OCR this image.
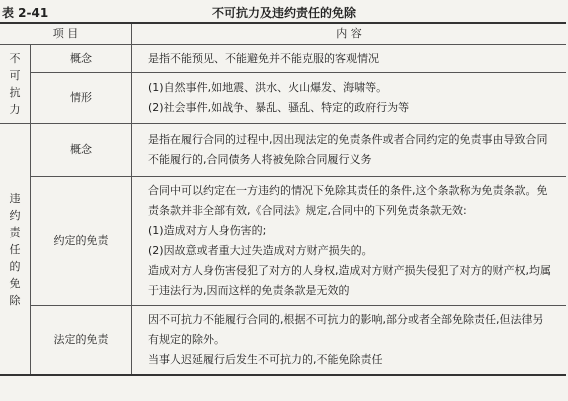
表 2-41	不可抗力及违约责任的免除
项 目		内 容

不可抗力	概念	是指不能预见、不能避免并不能克服的客观情况

	情形	(1)自然事件,如地震、洪水、火山爆发、海啸等。

(2)社会事件,如战争、暴乱、骚乱、特定的政府行为等

违约责任的免除	概念	是指在履行合同的过程中,因出现法定的免责条件或者合同约定的免责事由导致合同不能履行的,合同债务人将被免除合同履行义务

	约定的免责	合同中可以约定在一方违约的情况下免除其责任的条件,这个条款称为免责条款。免责条款并非全部有效,《合同法》规定,合同中的下列免责条款无效:

(1)造成对方人身伤害的;

(2)因故意或者重大过失造成对方财产损失的。

造成对方人身伤害侵犯了对方的人身权,造成对方财产损失侵犯了对方的财产权,均属于违法行为,因而这样的免责条款是无效的

	法定的免责	因不可抗力不能履行合同的,根据不可抗力的影响,部分或者全部免除责任,但法律另有规定的除外。

当事人迟延履行后发生不可抗力的,不能免除责任
